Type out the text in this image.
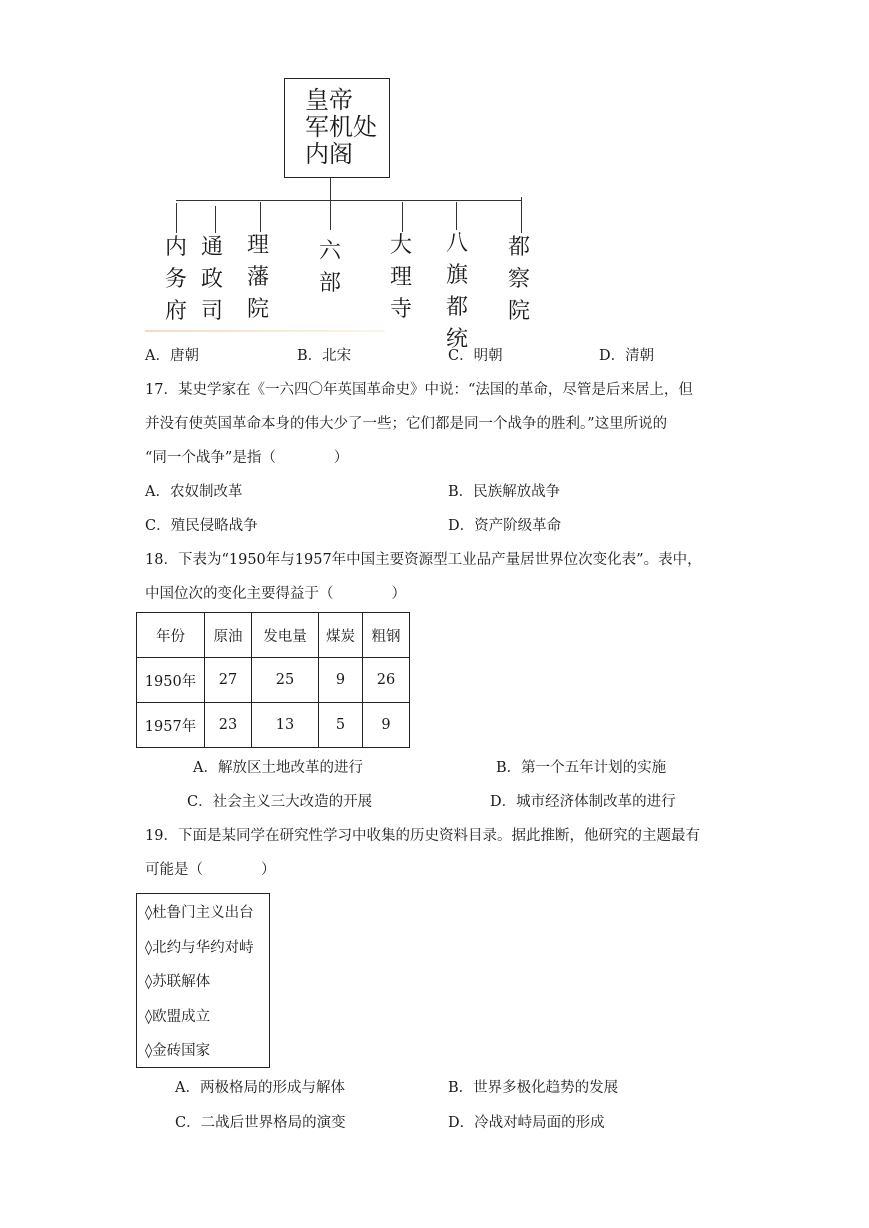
皇帝
军机处
内阁
内务府
通政司
理藩院
六部
大理寺
八旗都统
都察院
A．唐朝	B．北宋	C．明朝	D．清朝
17．某史学家在《一六四〇年英国革命史》中说：“法国的革命，尽管是后来居上，但
并没有使英国革命本身的伟大少了一些；它们都是同一个战争的胜利。”这里所说的
“同一个战争”是指（　　　　）
A．农奴制改革	B．民族解放战争
C．殖民侵略战争	D．资产阶级革命
18．下表为“1950年与1957年中国主要资源型工业品产量居世界位次变化表”。表中，
中国位次的变化主要得益于（　　　　）
年份	原油	发电量	煤炭	粗钢
1950年	27	25	9	26
1957年	23	13	5	9
A．解放区土地改革的进行	B．第一个五年计划的实施
C．社会主义三大改造的开展	D．城市经济体制改革的进行
19．下面是某同学在研究性学习中收集的历史资料目录。据此推断，他研究的主题最有
可能是（　　　　）
◊杜鲁门主义出台
◊北约与华约对峙
◊苏联解体
◊欧盟成立
◊金砖国家
A．两极格局的形成与解体	B．世界多极化趋势的发展
C．二战后世界格局的演变	D．冷战对峙局面的形成
